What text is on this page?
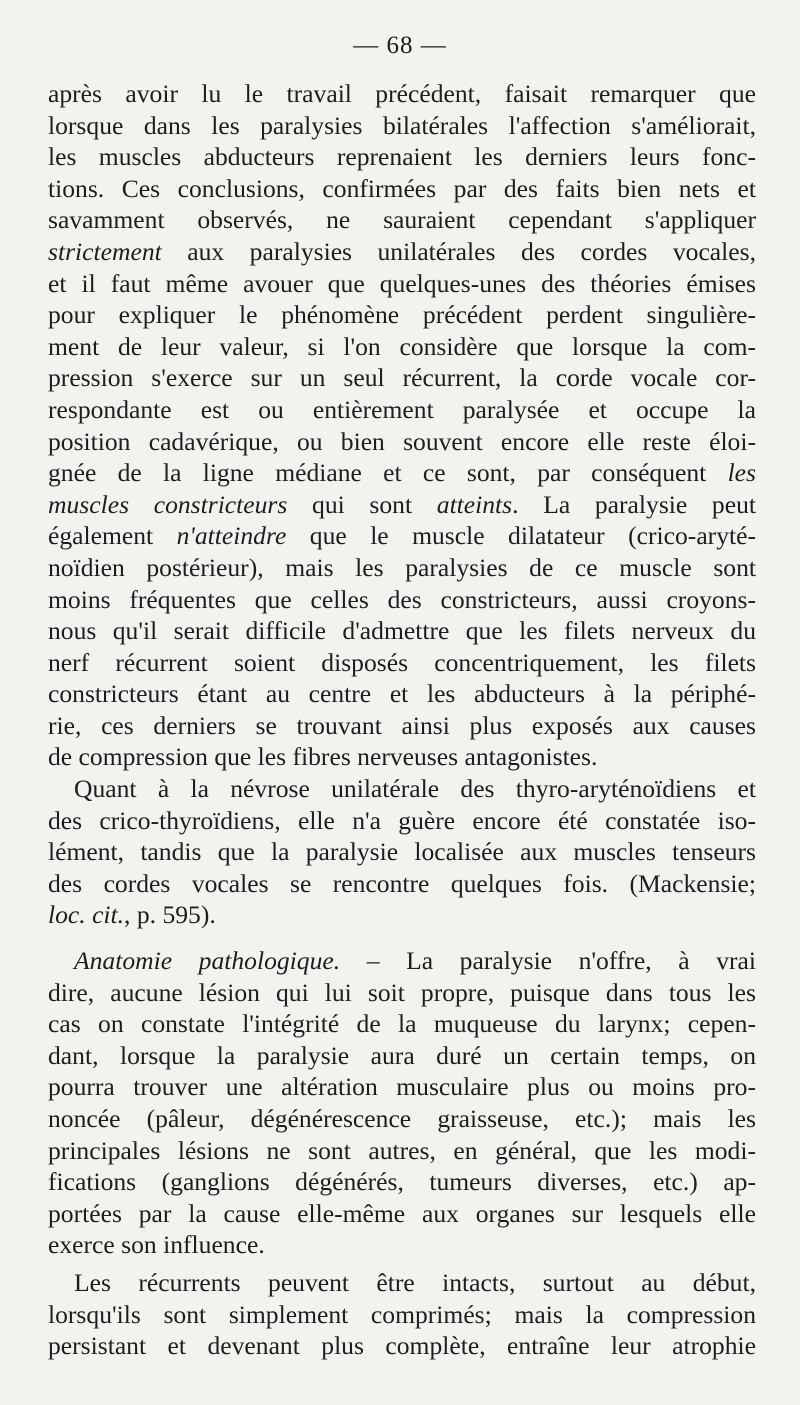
— 68 —
après avoir lu le travail précédent, faisait remarquer que
lorsque dans les paralysies bilatérales l'affection s'améliorait,
les muscles abducteurs reprenaient les derniers leurs fonc-
tions. Ces conclusions, confirmées par des faits bien nets et
savamment observés, ne sauraient cependant s'appliquer
strictement aux paralysies unilatérales des cordes vocales,
et il faut même avouer que quelques-unes des théories émises
pour expliquer le phénomène précédent perdent singulière-
ment de leur valeur, si l'on considère que lorsque la com-
pression s'exerce sur un seul récurrent, la corde vocale cor-
respondante est ou entièrement paralysée et occupe la
position cadavérique, ou bien souvent encore elle reste éloi-
gnée de la ligne médiane et ce sont, par conséquent les
muscles constricteurs qui sont atteints. La paralysie peut
également n'atteindre que le muscle dilatateur (crico-aryté-
noïdien postérieur), mais les paralysies de ce muscle sont
moins fréquentes que celles des constricteurs, aussi croyons-
nous qu'il serait difficile d'admettre que les filets nerveux du
nerf récurrent soient disposés concentriquement, les filets
constricteurs étant au centre et les abducteurs à la périphé-
rie, ces derniers se trouvant ainsi plus exposés aux causes
de compression que les fibres nerveuses antagonistes.
Quant à la névrose unilatérale des thyro-aryténoïdiens et
des crico-thyroïdiens, elle n'a guère encore été constatée iso-
lément, tandis que la paralysie localisée aux muscles tenseurs
des cordes vocales se rencontre quelques fois. (Mackensie;
loc. cit., p. 595).
Anatomie pathologique. – La paralysie n'offre, à vrai
dire, aucune lésion qui lui soit propre, puisque dans tous les
cas on constate l'intégrité de la muqueuse du larynx; cepen-
dant, lorsque la paralysie aura duré un certain temps, on
pourra trouver une altération musculaire plus ou moins pro-
noncée (pâleur, dégénérescence graisseuse, etc.); mais les
principales lésions ne sont autres, en général, que les modi-
fications (ganglions dégénérés, tumeurs diverses, etc.) ap-
portées par la cause elle-même aux organes sur lesquels elle
exerce son influence.
Les récurrents peuvent être intacts, surtout au début,
lorsqu'ils sont simplement comprimés; mais la compression
persistant et devenant plus complète, entraîne leur atrophie
